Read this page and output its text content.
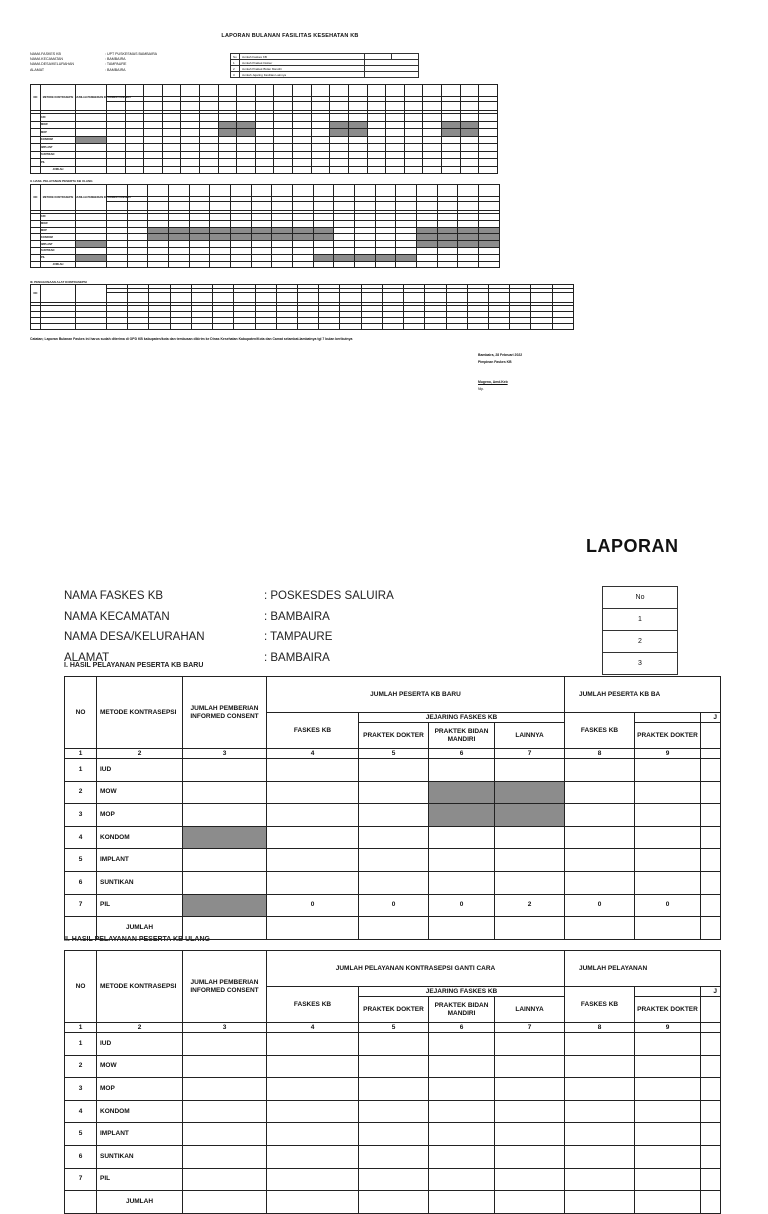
LAPORAN BULANAN FASILITAS KESEHATAN KB
NAMA FASKES KB	: UPT PUSKESMAS BAMBAIRA
NAMA KECAMATAN	: BAMBAIRA
NAMA DESA/KELURAHAN	: TAMPAURE
ALAMAT	: BAMBAIRA
No	Jumlah Faskes KB		
1	Jumlah Praktek Dokter		
2	Jumlah Praktek Bidan Mandiri		
3	Jumlah Jejaring Fasilitas Lainnya		
NO	METODE KONTRASEPSI	JUMLAH PEMBERIAN INFORMED CONSENT																					

	IUD																						
	MOW																						
	MOP																						
	KONDOM																						
	IMPLANT																						
	SUNTIKAN																						
	PIL																						
	JUMLAH																						
II. HASIL PELAYANAN PESERTA KB ULANG
NO	METODE KONTRASEPSI	JUMLAH PEMBERIAN INFORMED CONSENT																			

	IUD																				
	MOW																				
	MOP																				
	KONDOM																				
	IMPLANT																				
	SUNTIKAN																				
	PIL																				
	JUMLAH																				
III. PENGGUNAAN ALAT KONTRASEPSI
NO																								

Catatan; Laporan Bulanan Faskes ini harus sudah diterima di OPD KB kabupaten/kota dan tembusan dikirim ke Dinas Kesehatan Kabupaten/Kota dan Camat selambat-lambatnya tgl 7 bulan berikutnya
Bambaira, 28 Februari 2022
Pimpinan Faskes KB
Mugeno, Amd.Keb
Nip.
LAPORAN
NAMA FASKES KB	: POSKESDES SALUIRA
NAMA KECAMATAN	: BAMBAIRA
NAMA DESA/KELURAHAN	: TAMPAURE
ALAMAT	: BAMBAIRA
No
1
2
3
I. HASIL PELAYANAN PESERTA KB BARU
NO	METODE KONTRASEPSI	JUMLAH PEMBERIAN INFORMED CONSENT	JUMLAH PESERTA KB BARU				JUMLAH PESERTA KB BA		
			FASKES KB	JEJARING FASKES KB			FASKES KB		J
				PRAKTEK DOKTER	PRAKTEK BIDAN MANDIRI	LAINNYA		PRAKTEK DOKTER	
1	2	3	4	5	6	7	8	9	
1	IUD								
2	MOW								
3	MOP								
4	KONDOM								
5	IMPLANT								
6	SUNTIKAN								
7	PIL		0	0	0	2	0	0	
	JUMLAH								
II. HASIL PELAYANAN PESERTA KB ULANG
NO	METODE KONTRASEPSI	JUMLAH PEMBERIAN INFORMED CONSENT	JUMLAH PELAYANAN KONTRASEPSI GANTI CARA				JUMLAH PELAYANAN		
			FASKES KB	JEJARING FASKES KB			FASKES KB		J
				PRAKTEK DOKTER	PRAKTEK BIDAN MANDIRI	LAINNYA		PRAKTEK DOKTER	
1	2	3	4	5	6	7	8	9	
1	IUD								
2	MOW								
3	MOP								
4	KONDOM								
5	IMPLANT								
6	SUNTIKAN								
7	PIL								
	JUMLAH								
